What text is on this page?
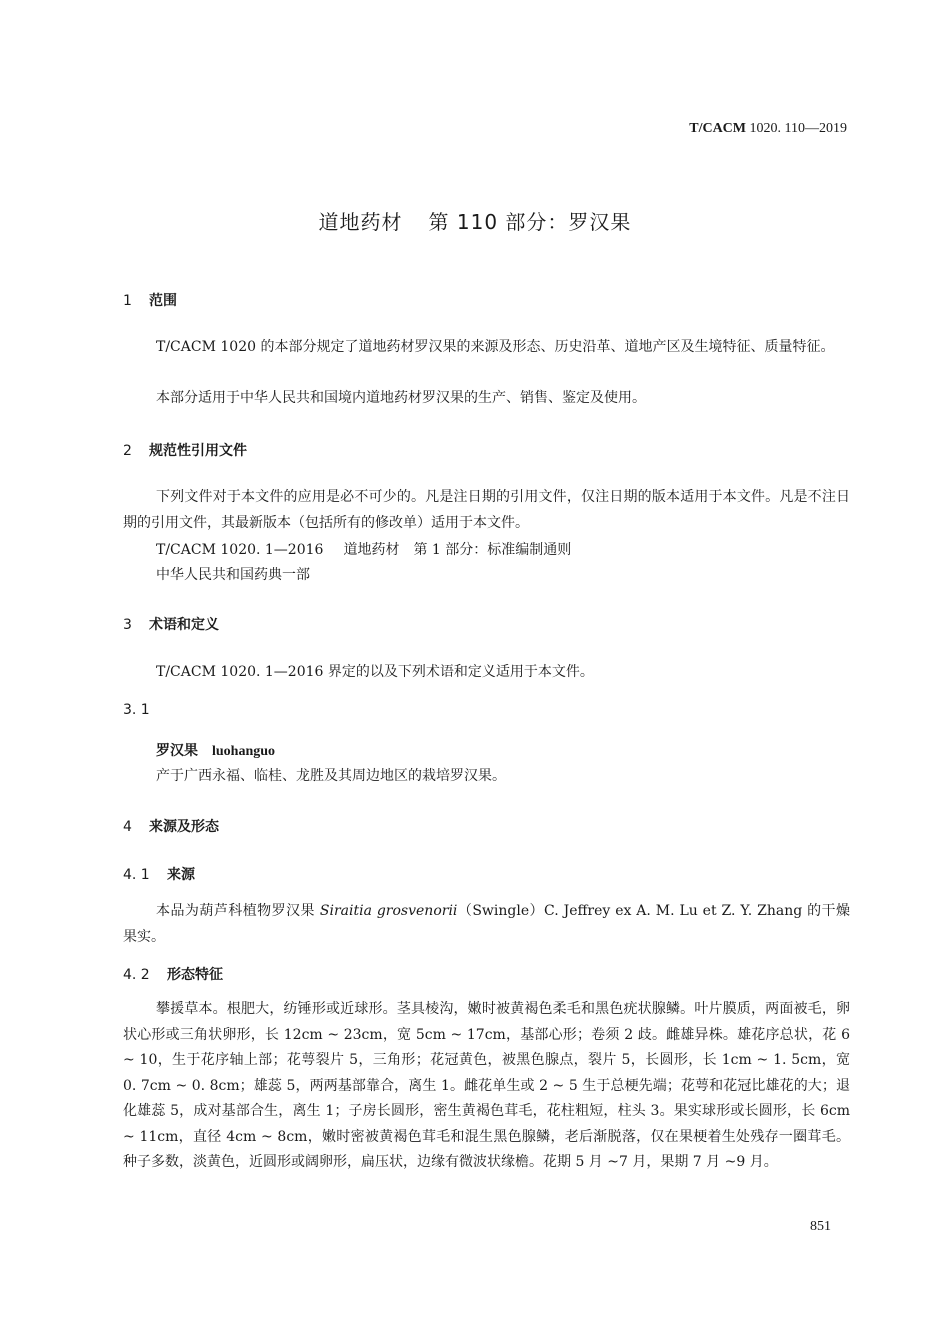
T/CACM 1020. 110—2019
道地药材 第 110 部分：罗汉果
1 范围
T/CACM 1020 的本部分规定了道地药材罗汉果的来源及形态、历史沿革、道地产区及生境特征、质量特征。
本部分适用于中华人民共和国境内道地药材罗汉果的生产、销售、鉴定及使用。
2 规范性引用文件
下列文件对于本文件的应用是必不可少的。凡是注日期的引用文件，仅注日期的版本适用于本文件。凡是不注日期的引用文件，其最新版本（包括所有的修改单）适用于本文件。
T/CACM 1020. 1—2016 道地药材　第 1 部分：标准编制通则
中华人民共和国药典一部
3 术语和定义
T/CACM 1020. 1—2016 界定的以及下列术语和定义适用于本文件。
3. 1
罗汉果 luohanguo
产于广西永福、临桂、龙胜及其周边地区的栽培罗汉果。
4 来源及形态
4. 1 来源
本品为葫芦科植物罗汉果 Siraitia grosvenorii（Swingle）C. Jeffrey ex A. M. Lu et Z. Y. Zhang 的干燥果实。
4. 2 形态特征
攀援草本。根肥大，纺锤形或近球形。茎具棱沟，嫩时被黄褐色柔毛和黑色疣状腺鳞。叶片膜质，两面被毛，卵状心形或三角状卵形，长 12cm ~ 23cm，宽 5cm ~ 17cm，基部心形；卷须 2 歧。雌雄异株。雄花序总状，花 6 ~ 10，生于花序轴上部；花萼裂片 5，三角形；花冠黄色，被黑色腺点，裂片 5，长圆形，长 1cm ~ 1. 5cm，宽 0. 7cm ~ 0. 8cm；雄蕊 5，两两基部靠合，离生 1。雌花单生或 2 ~ 5 生于总梗先端；花萼和花冠比雄花的大；退化雄蕊 5，成对基部合生，离生 1；子房长圆形，密生黄褐色茸毛，花柱粗短，柱头 3。果实球形或长圆形，长 6cm ~ 11cm，直径 4cm ~ 8cm，嫩时密被黄褐色茸毛和混生黑色腺鳞，老后渐脱落，仅在果梗着生处残存一圈茸毛。种子多数，淡黄色，近圆形或阔卵形，扁压状，边缘有微波状缘檐。花期 5 月 ~7 月，果期 7 月 ~9 月。
851
